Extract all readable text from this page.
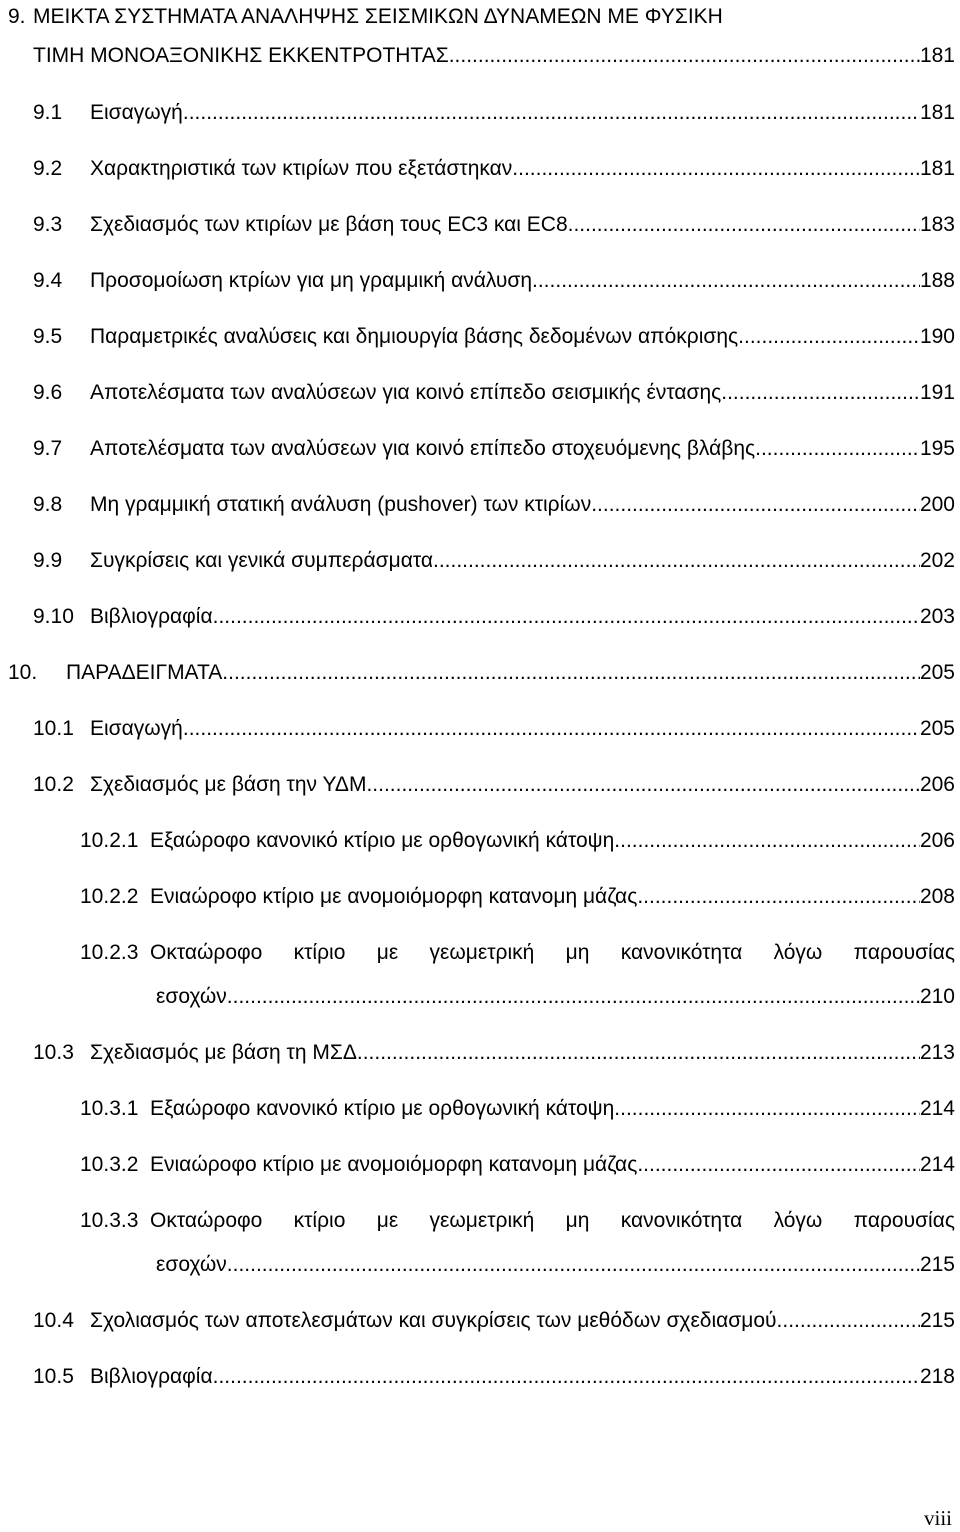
9. ΜΕΙΚΤΑ ΣΥΣΤΗΜΑΤΑ ΑΝΑΛΗΨΗΣ ΣΕΙΣΜΙΚΩΝ ΔΥΝΑΜΕΩΝ ΜΕ ΦΥΣΙΚΗ
ΤΙΜΗ ΜΟΝΟΑΞΟΝΙΚΗΣ ΕΚΚΕΝΤΡΟΤΗΤΑΣ .....	181
9.1 Εισαγωγή .....	181
9.2 Χαρακτηριστικά των κτιρίων που εξετάστηκαν .....	181
9.3 Σχεδιασμός των κτιρίων με βάση τους EC3 και EC8 .....	183
9.4 Προσομοίωση κτρίων για μη γραμμική ανάλυση .....	188
9.5 Παραμετρικές αναλύσεις και δημιουργία βάσης δεδομένων απόκρισης .....	190
9.6 Αποτελέσματα των αναλύσεων για κοινό επίπεδο σεισμικής έντασης .....	191
9.7 Αποτελέσματα των αναλύσεων για κοινό επίπεδο στοχευόμενης βλάβης .....	195
9.8 Μη γραμμική στατική ανάλυση (pushover) των κτιρίων .....	200
9.9 Συγκρίσεις και γενικά συμπεράσματα .....	202
9.10 Βιβλιογραφία .....	203
10. ΠΑΡΑΔΕΙΓΜΑΤΑ .....	205
10.1 Εισαγωγή .....	205
10.2 Σχεδιασμός με βάση την ΥΔΜ .....	206
10.2.1 Εξαώροφο κανονικό κτίριο με ορθογωνική κάτοψη .....	206
10.2.2 Ενιαώροφο κτίριο με ανομοιόμορφη κατανομη μάζας .....	208
10.2.3 Οκταώροφο κτίριο με γεωμετρική μη κανονικότητα λόγω παρουσίας
εσοχών .....	210
10.3 Σχεδιασμός με βάση τη ΜΣΔ .....	213
10.3.1 Εξαώροφο κανονικό κτίριο με ορθογωνική κάτοψη .....	214
10.3.2 Ενιαώροφο κτίριο με ανομοιόμορφη κατανομη μάζας .....	214
10.3.3 Οκταώροφο κτίριο με γεωμετρική μη κανονικότητα λόγω παρουσίας
εσοχών .....	215
10.4 Σχολιασμός των αποτελεσμάτων και συγκρίσεις των μεθόδων σχεδιασμού .....	215
10.5 Βιβλιογραφία .....	218
viii
